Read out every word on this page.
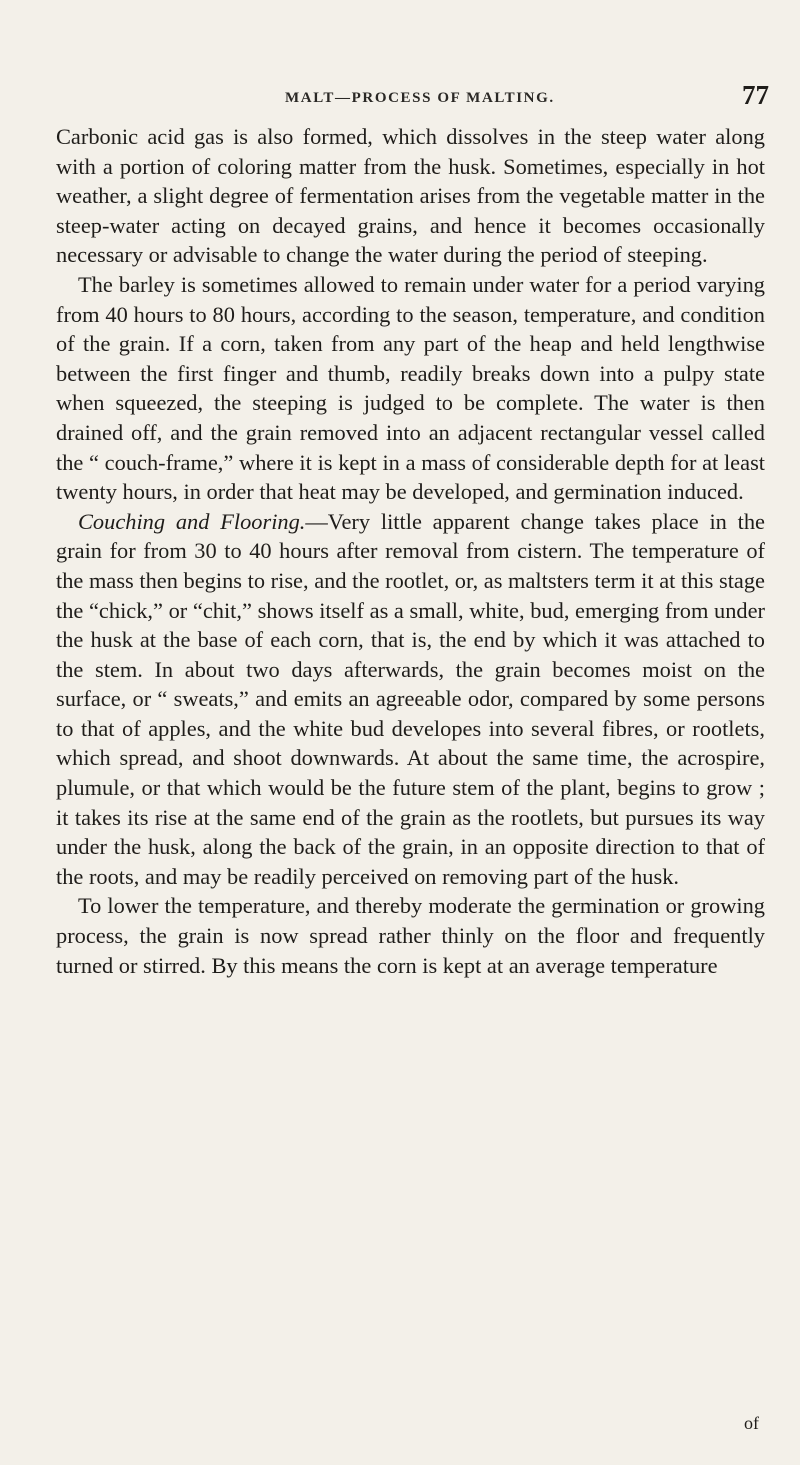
MALT—PROCESS OF MALTING.	77

Carbonic acid gas is also formed, which dissolves in the steep water along with a portion of coloring matter from the husk. Sometimes, especially in hot weather, a slight degree of fermentation arises from the vegetable matter in the steep-water acting on decayed grains, and hence it becomes occasionally necessary or advisable to change the water during the period of steeping.

The barley is sometimes allowed to remain under water for a period varying from 40 hours to 80 hours, according to the season, temperature, and condition of the grain. If a corn, taken from any part of the heap and held lengthwise between the first finger and thumb, readily breaks down into a pulpy state when squeezed, the steeping is judged to be complete. The water is then drained off, and the grain removed into an adjacent rectangular vessel called the “ couch-frame,” where it is kept in a mass of considerable depth for at least twenty hours, in order that heat may be developed, and germination induced.

Couching and Flooring.—Very little apparent change takes place in the grain for from 30 to 40 hours after removal from cistern. The temperature of the mass then begins to rise, and the rootlet, or, as maltsters term it at this stage the “chick,” or “chit,” shows itself as a small, white, bud, emerging from under the husk at the base of each corn, that is, the end by which it was attached to the stem. In about two days afterwards, the grain becomes moist on the surface, or “ sweats,” and emits an agreeable odor, compared by some persons to that of apples, and the white bud developes into several fibres, or rootlets, which spread, and shoot downwards. At about the same time, the acrospire, plumule, or that which would be the future stem of the plant, begins to grow ; it takes its rise at the same end of the grain as the rootlets, but pursues its way under the husk, along the back of the grain, in an opposite direction to that of the roots, and may be readily perceived on removing part of the husk.

To lower the temperature, and thereby moderate the germination or growing process, the grain is now spread rather thinly on the floor and frequently turned or stirred. By this means the corn is kept at an average temperature

of
